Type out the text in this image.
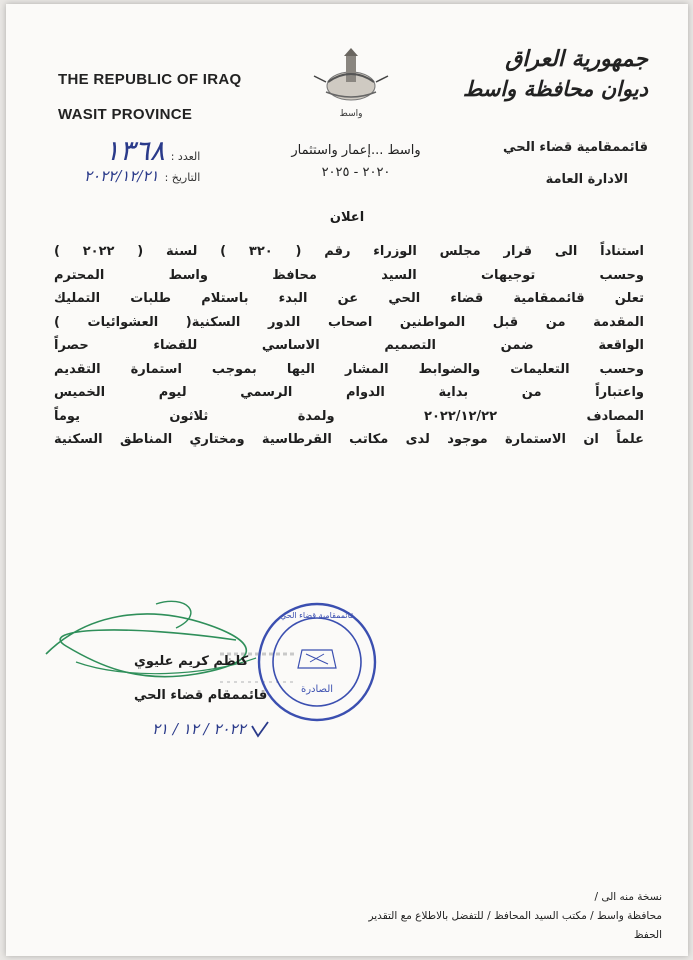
THE REPUBLIC OF IRAQ
WASIT PROVINCE	واسط
جمهورية العراق
ديوان محافظة واسط
قائممقامية قضاء الحي
الادارة العامة
واسط ...إعمار واستثمار
٢٠٢٠ - ٢٠٢٥
العدد :
١٣٦٨
التاريخ :
٢٠٢٢/١٢/٢١
اعلان
استناداً الى قرار مجلس الوزراء رقم ( ٣٢٠ ) لسنة ( ٢٠٢٢ )
وحسب توجيهات السيد محافظ واسط المحترم
تعلن قائممقامية قضاء الحي عن البدء باستلام طلبات التمليك
المقدمة من قبل المواطنين اصحاب الدور السكنية( العشوائيات )
الواقعة ضمن التصميم الاساسي للقضاء حصراً
وحسب التعليمات والضوابط المشار اليها بموجب استمارة التقديم
واعتباراً من بداية الدوام الرسمي ليوم الخميس
المصادف ٢٠٢٢/١٢/٢٢ ولمدة ثلاثون يوماً
علماً ان الاستمارة موجود لدى مكاتب القرطاسية ومختاري المناطق السكنية
قائممقامية قضاء الحي
الصادرة
كاظم كريم عليوي
قائممقام قضاء الحي
٢٠٢٢ / ١٢ / ٢١
نسخة منه الى /
محافظة واسط / مكتب السيد المحافظ / للتفضل بالاطلاع مع التقدير
الحفظ
